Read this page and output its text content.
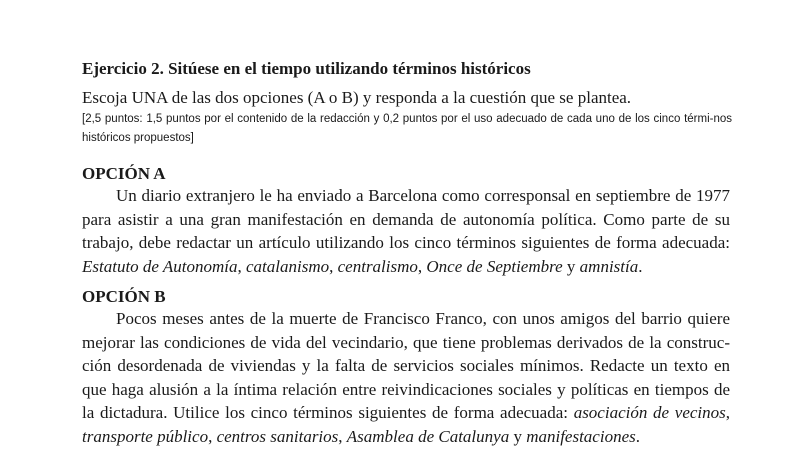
Ejercicio 2. Sitúese en el tiempo utilizando términos históricos
Escoja UNA de las dos opciones (A o B) y responda a la cuestión que se plantea.
[2,5 puntos: 1,5 puntos por el contenido de la redacción y 0,2 puntos por el uso adecuado de cada uno de los cinco térmi-nos históricos propuestos]
OPCIÓN A
Un diario extranjero le ha enviado a Barcelona como corresponsal en septiembre de 1977 para asistir a una gran manifestación en demanda de autonomía política. Como parte de su trabajo, debe redactar un artículo utilizando los cinco términos siguientes de forma adecuada: Estatuto de Autonomía, catalanismo, centralismo, Once de Septiembre y amnistía.
OPCIÓN B
Pocos meses antes de la muerte de Francisco Franco, con unos amigos del barrio quiere mejorar las condiciones de vida del vecindario, que tiene problemas derivados de la construc-ción desordenada de viviendas y la falta de servicios sociales mínimos. Redacte un texto en que haga alusión a la íntima relación entre reivindicaciones sociales y políticas en tiempos de la dictadura. Utilice los cinco términos siguientes de forma adecuada: asociación de vecinos, transporte público, centros sanitarios, Asamblea de Catalunya y manifestaciones.
